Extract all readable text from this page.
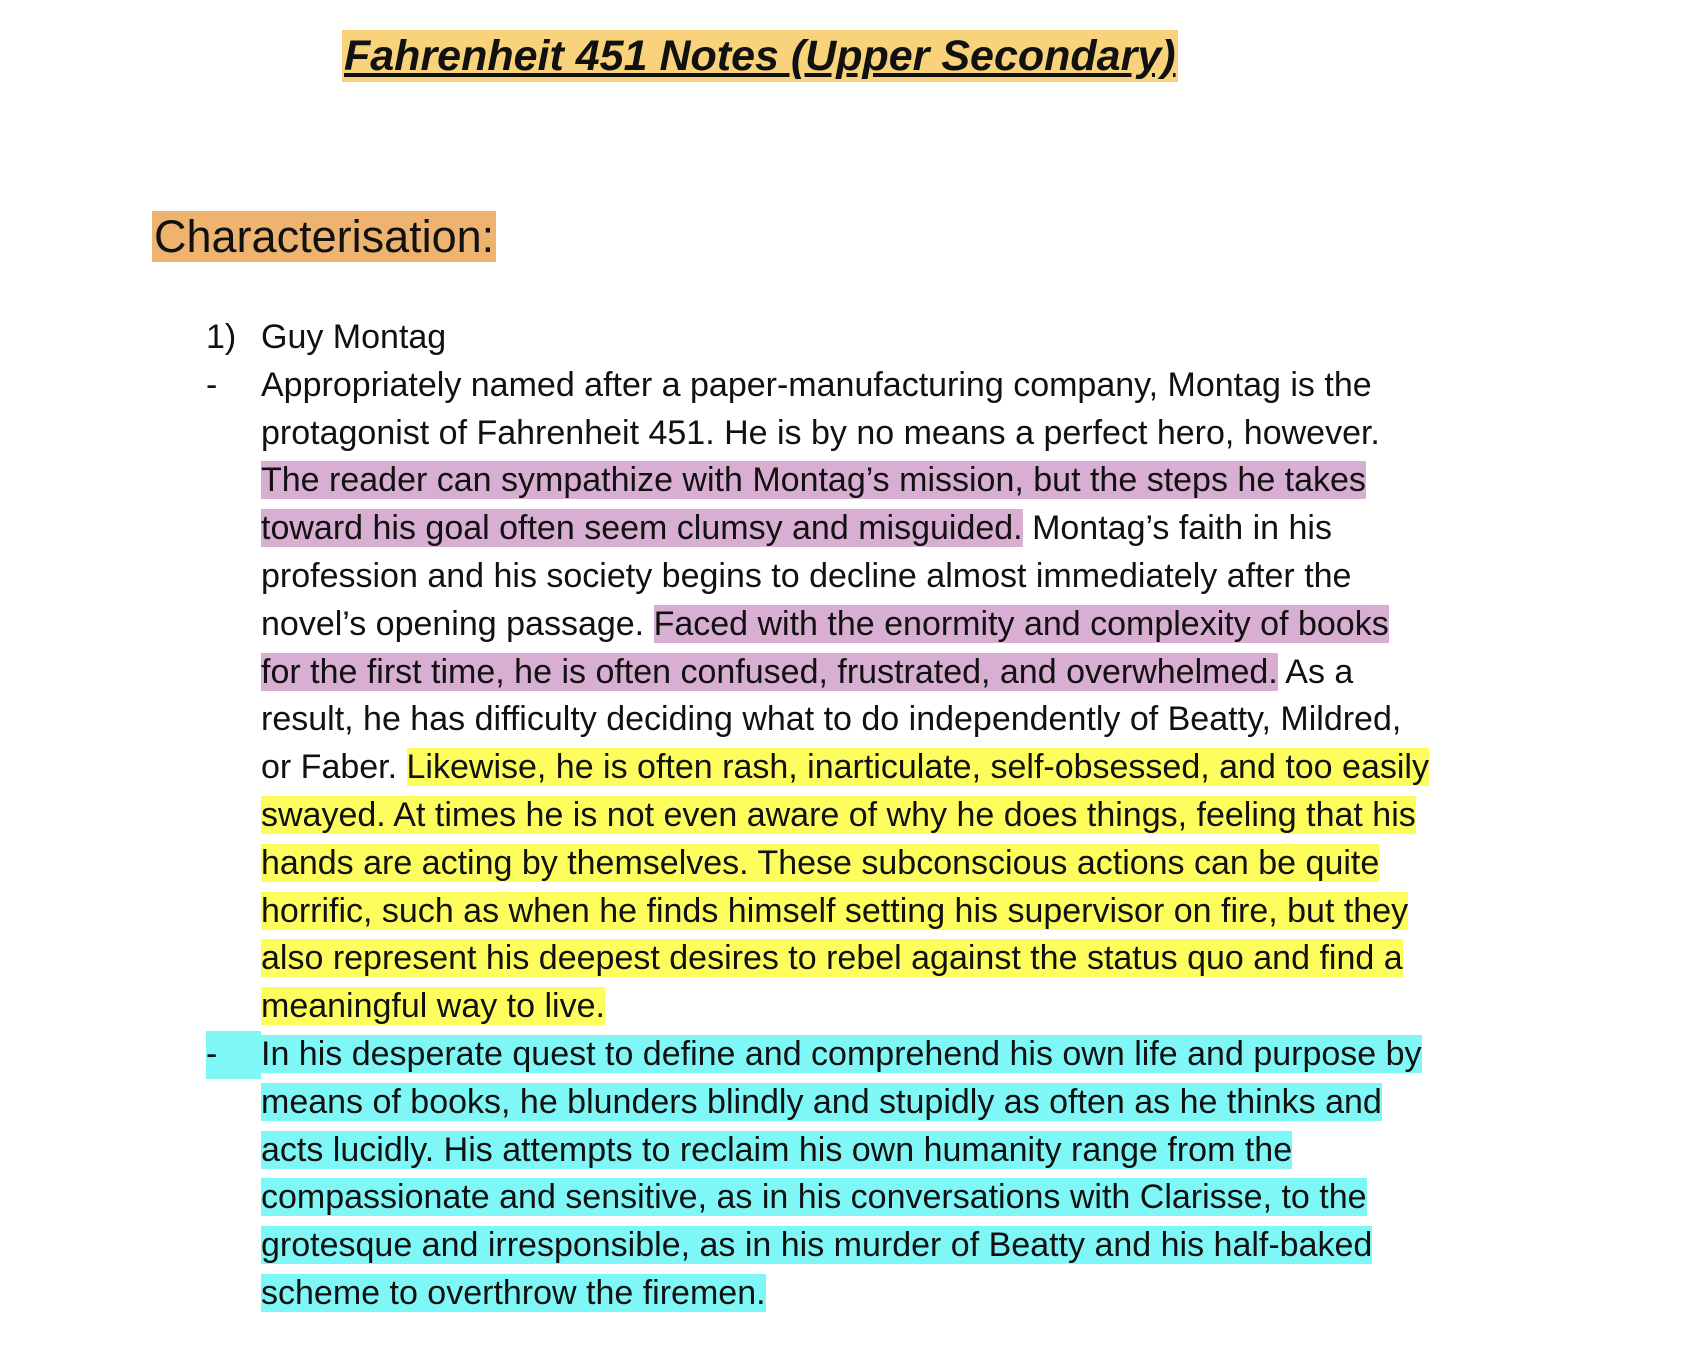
Fahrenheit 451 Notes (Upper Secondary)
Characterisation:
1) Guy Montag

-	Appropriately named after a paper-manufacturing company, Montag is the protagonist of Fahrenheit 451. He is by no means a perfect hero, however. The reader can sympathize with Montag’s mission, but the steps he takes toward his goal often seem clumsy and misguided. Montag’s faith in his profession and his society begins to decline almost immediately after the novel’s opening passage. Faced with the enormity and complexity of books for the first time, he is often confused, frustrated, and overwhelmed. As a result, he has difficulty deciding what to do independently of Beatty, Mildred, or Faber. Likewise, he is often rash, inarticulate, self-obsessed, and too easily swayed. At times he is not even aware of why he does things, feeling that his hands are acting by themselves. These subconscious actions can be quite horrific, such as when he finds himself setting his supervisor on fire, but they also represent his deepest desires to rebel against the status quo and find a meaningful way to live.

-	In his desperate quest to define and comprehend his own life and purpose by means of books, he blunders blindly and stupidly as often as he thinks and acts lucidly. His attempts to reclaim his own humanity range from the compassionate and sensitive, as in his conversations with Clarisse, to the grotesque and irresponsible, as in his murder of Beatty and his half-baked scheme to overthrow the firemen.
